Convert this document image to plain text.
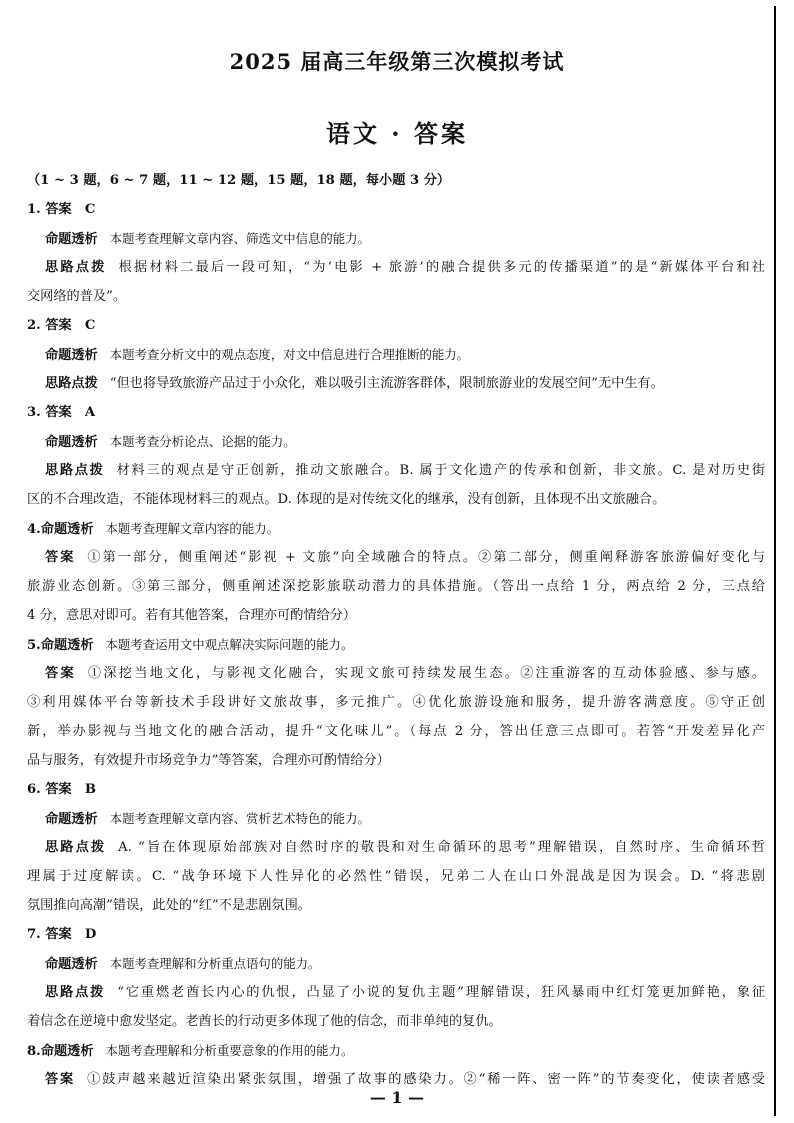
2025 届高三年级第三次模拟考试
语文 · 答案
（1 ~ 3 题，6 ~ 7 题，11 ~ 12 题，15 题，18 题，每小题 3 分）
1. 答案　C
命题透析 本题考查理解文章内容、筛选文中信息的能力。
思路点拨 根据材料二最后一段可知，“为‘电影 + 旅游’的融合提供多元的传播渠道”的是“新媒体平台和社
交网络的普及”。
2. 答案　C
命题透析 本题考查分析文中的观点态度，对文中信息进行合理推断的能力。
思路点拨 “但也将导致旅游产品过于小众化，难以吸引主流游客群体，限制旅游业的发展空间”无中生有。
3. 答案　A
命题透析 本题考查分析论点、论据的能力。
思路点拨 材料三的观点是守正创新，推动文旅融合。B. 属于文化遗产的传承和创新，非文旅。C. 是对历史街
区的不合理改造，不能体现材料三的观点。D. 体现的是对传统文化的继承，没有创新，且体现不出文旅融合。
4.命题透析 本题考查理解文章内容的能力。
答案 ①第一部分，侧重阐述“影视 + 文旅”向全域融合的特点。②第二部分，侧重阐释游客旅游偏好变化与
旅游业态创新。③第三部分，侧重阐述深挖影旅联动潜力的具体措施。（答出一点给 1 分，两点给 2 分，三点给
4 分，意思对即可。若有其他答案，合理亦可酌情给分）
5.命题透析 本题考查运用文中观点解决实际问题的能力。
答案 ①深挖当地文化，与影视文化融合，实现文旅可持续发展生态。②注重游客的互动体验感、参与感。
③利用媒体平台等新技术手段讲好文旅故事，多元推广。④优化旅游设施和服务，提升游客满意度。⑤守正创
新，举办影视与当地文化的融合活动，提升“文化味儿”。（每点 2 分，答出任意三点即可。若答“开发差异化产
品与服务，有效提升市场竞争力”等答案，合理亦可酌情给分）
6. 答案　B
命题透析 本题考查理解文章内容、赏析艺术特色的能力。
思路点拨 A. “旨在体现原始部族对自然时序的敬畏和对生命循环的思考”理解错误，自然时序、生命循环哲
理属于过度解读。C. “战争环境下人性异化的必然性”错误，兄弟二人在山口外混战是因为误会。D. “将悲剧
氛围推向高潮”错误，此处的“红”不是悲剧氛围。
7. 答案　D
命题透析 本题考查理解和分析重点语句的能力。
思路点拨 “它重燃老酋长内心的仇恨，凸显了小说的复仇主题”理解错误，狂风暴雨中红灯笼更加鲜艳，象征
着信念在逆境中愈发坚定。老酋长的行动更多体现了他的信念，而非单纯的复仇。
8.命题透析 本题考查理解和分析重要意象的作用的能力。
答案 ①鼓声越来越近渲染出紧张氛围，增强了故事的感染力。②“稀一阵、密一阵”的节奏变化，使读者感受
— 1 —
